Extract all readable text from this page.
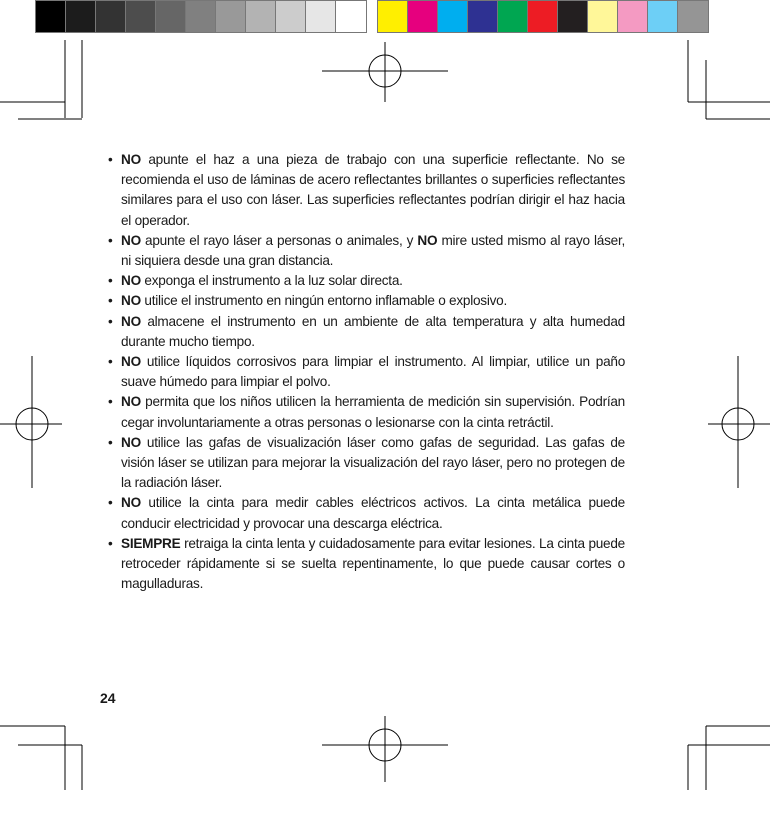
• NO apunte el haz a una pieza de trabajo con una superficie reflectante. No se recomienda el uso de láminas de acero reflectantes brillantes o superficies reflectantes similares para el uso con láser. Las superficies reflectantes podrían dirigir el haz hacia el operador.
• NO apunte el rayo láser a personas o animales, y NO mire usted mismo al rayo láser, ni siquiera desde una gran distancia.
• NO exponga el instrumento a la luz solar directa.
• NO utilice el instrumento en ningún entorno inflamable o explosivo.
• NO almacene el instrumento en un ambiente de alta temperatura y alta humedad durante mucho tiempo.
• NO utilice líquidos corrosivos para limpiar el instrumento. Al limpiar, utilice un paño suave húmedo para limpiar el polvo.
• NO permita que los niños utilicen la herramienta de medición sin supervisión. Podrían cegar involuntariamente a otras personas o lesionarse con la cinta retráctil.
• NO utilice las gafas de visualización láser como gafas de seguridad. Las gafas de visión láser se utilizan para mejorar la visualización del rayo láser, pero no protegen de la radiación láser.
• NO utilice la cinta para medir cables eléctricos activos. La cinta metálica puede conducir electricidad y provocar una descarga eléctrica.
• SIEMPRE retraiga la cinta lenta y cuidadosamente para evitar lesiones. La cinta puede retroceder rápidamente si se suelta repentinamente, lo que puede causar cortes o magulladuras.
24
